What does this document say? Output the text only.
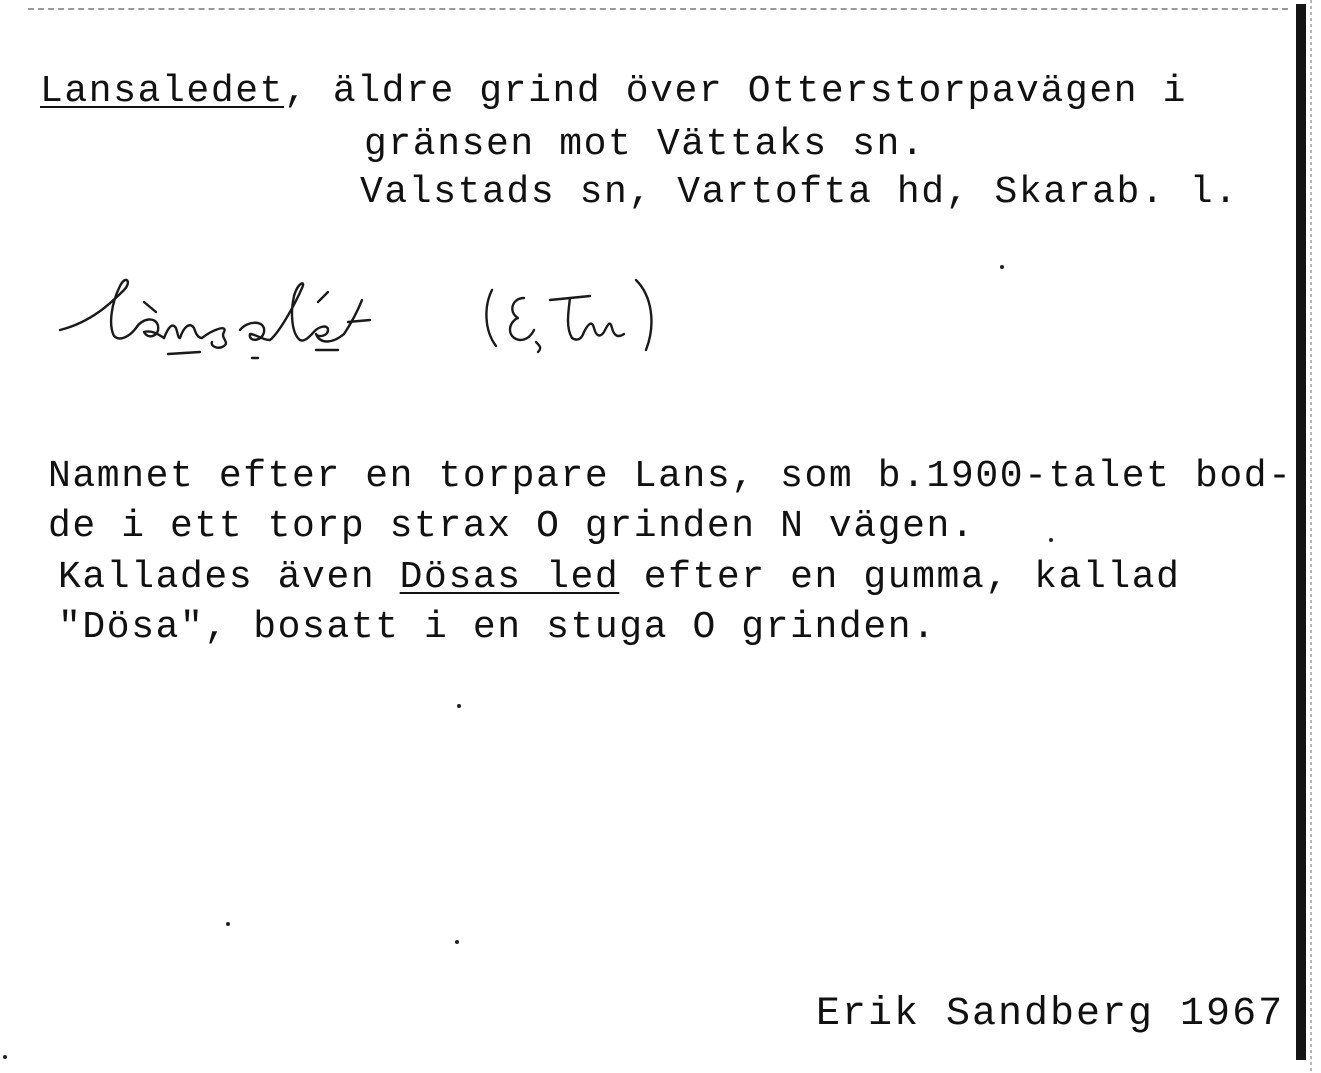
Lansaledet, äldre grind över Otterstorpavägen i
gränsen mot Vättaks sn.
Valstads sn, Vartofta hd, Skarab. l.
Namnet efter en torpare Lans, som b.1900-talet bod-
de i ett torp strax O grinden N vägen.
Kallades även Dösas led efter en gumma, kallad
"Dösa", bosatt i en stuga O grinden.
Erik Sandberg 1967
